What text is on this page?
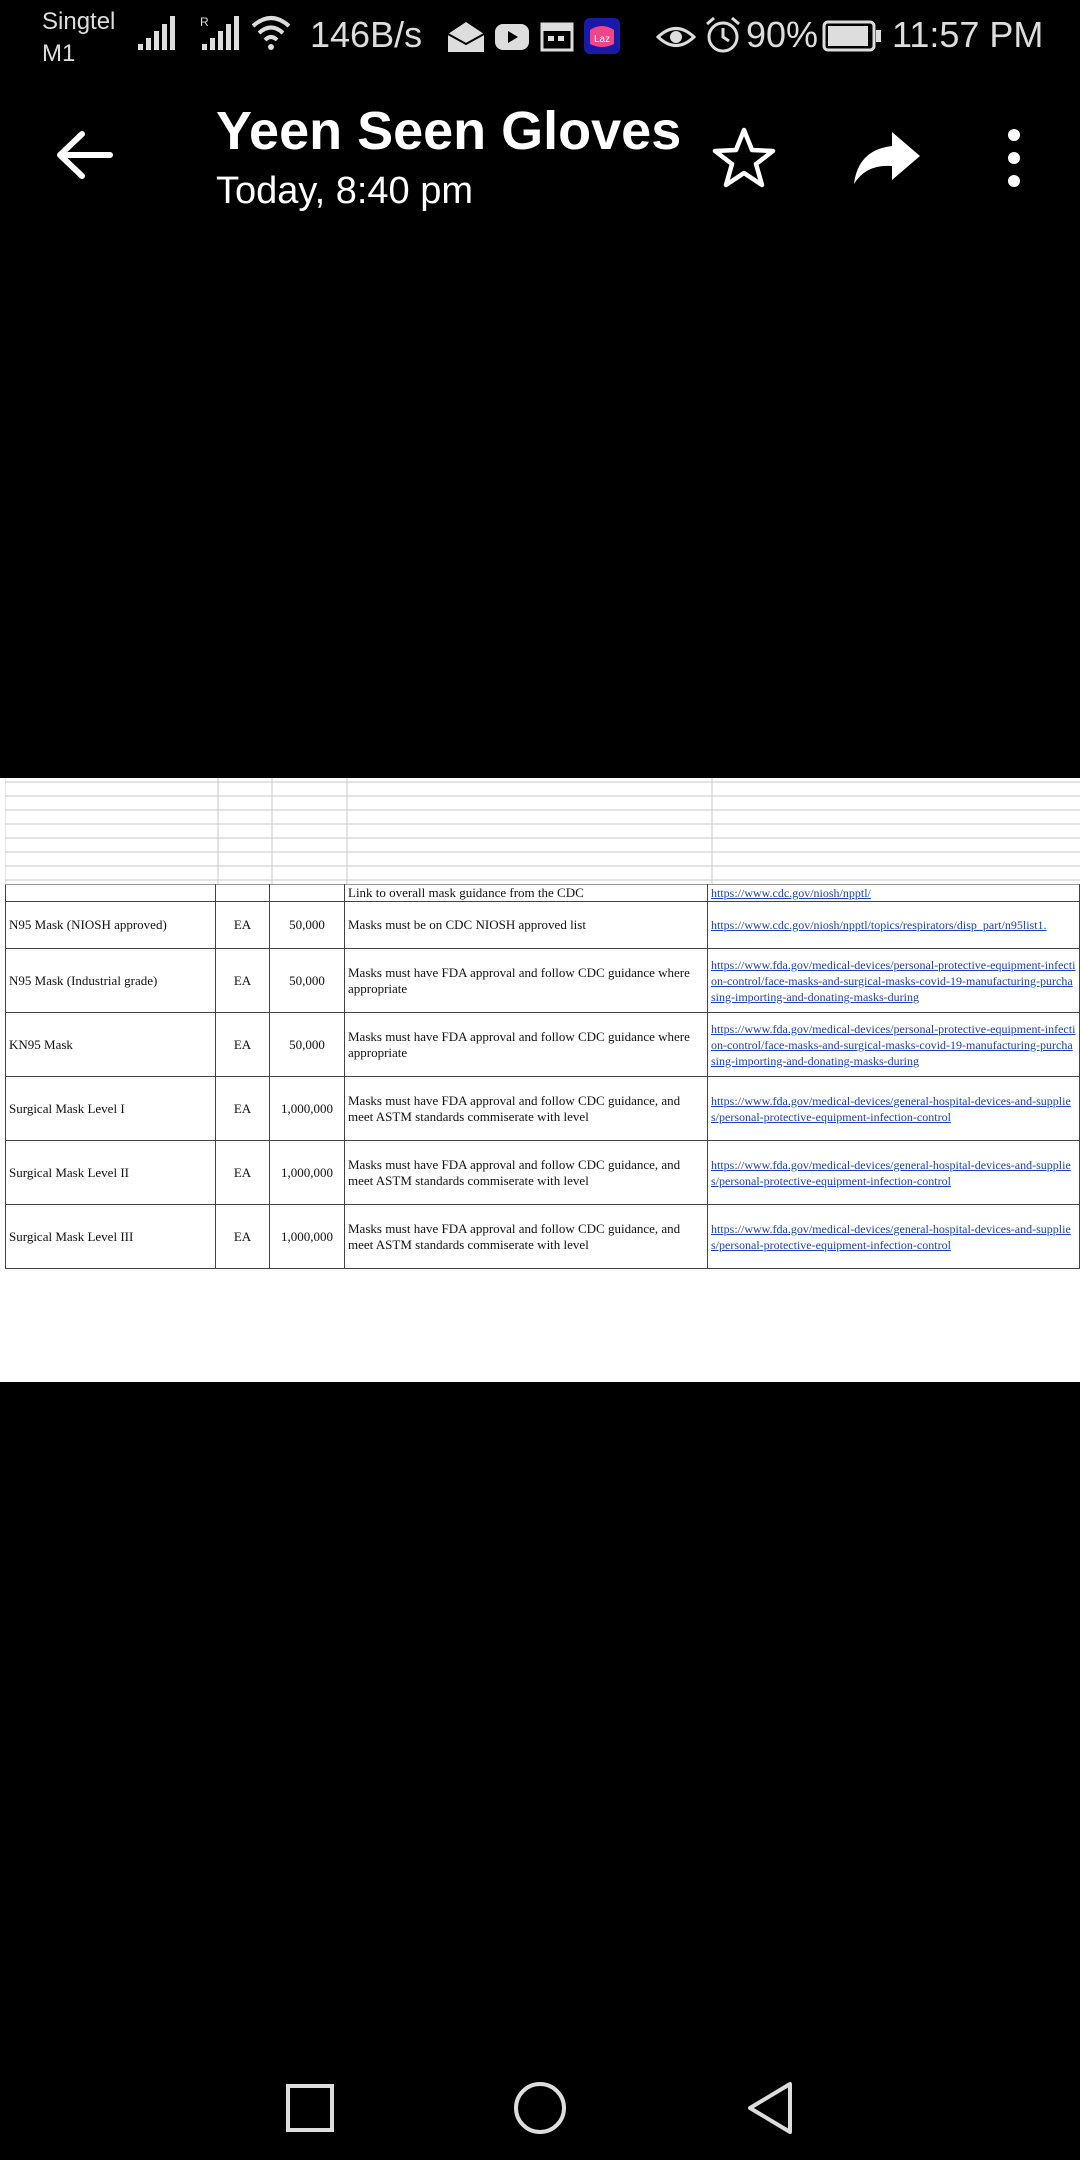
Singtel
M1
R	146B/s	Laz	90% 11:57 PM
Yeen Seen Gloves
Today, 8:40 pm
			Link to overall mask guidance from the CDC	https://www.cdc.gov/niosh/npptl/
N95 Mask (NIOSH approved)	EA	50,000	Masks must be on CDC NIOSH approved list	https://www.cdc.gov/niosh/npptl/topics/respirators/disp_part/n95list1.
N95 Mask (Industrial grade)	EA	50,000	Masks must have FDA approval and follow CDC guidance where appropriate	https://www.fda.gov/medical-devices/personal-protective-equipment-infection-control/face-masks-and-surgical-masks-covid-19-manufacturing-purchasing-importing-and-donating-masks-during
KN95 Mask	EA	50,000	Masks must have FDA approval and follow CDC guidance where appropriate	https://www.fda.gov/medical-devices/personal-protective-equipment-infection-control/face-masks-and-surgical-masks-covid-19-manufacturing-purchasing-importing-and-donating-masks-during
Surgical Mask Level I	EA	1,000,000	Masks must have FDA approval and follow CDC guidance, and meet ASTM standards commiserate with level	https://www.fda.gov/medical-devices/general-hospital-devices-and-supplies/personal-protective-equipment-infection-control
Surgical Mask Level II	EA	1,000,000	Masks must have FDA approval and follow CDC guidance, and meet ASTM standards commiserate with level	https://www.fda.gov/medical-devices/general-hospital-devices-and-supplies/personal-protective-equipment-infection-control
Surgical Mask Level III	EA	1,000,000	Masks must have FDA approval and follow CDC guidance, and meet ASTM standards commiserate with level	https://www.fda.gov/medical-devices/general-hospital-devices-and-supplies/personal-protective-equipment-infection-control
